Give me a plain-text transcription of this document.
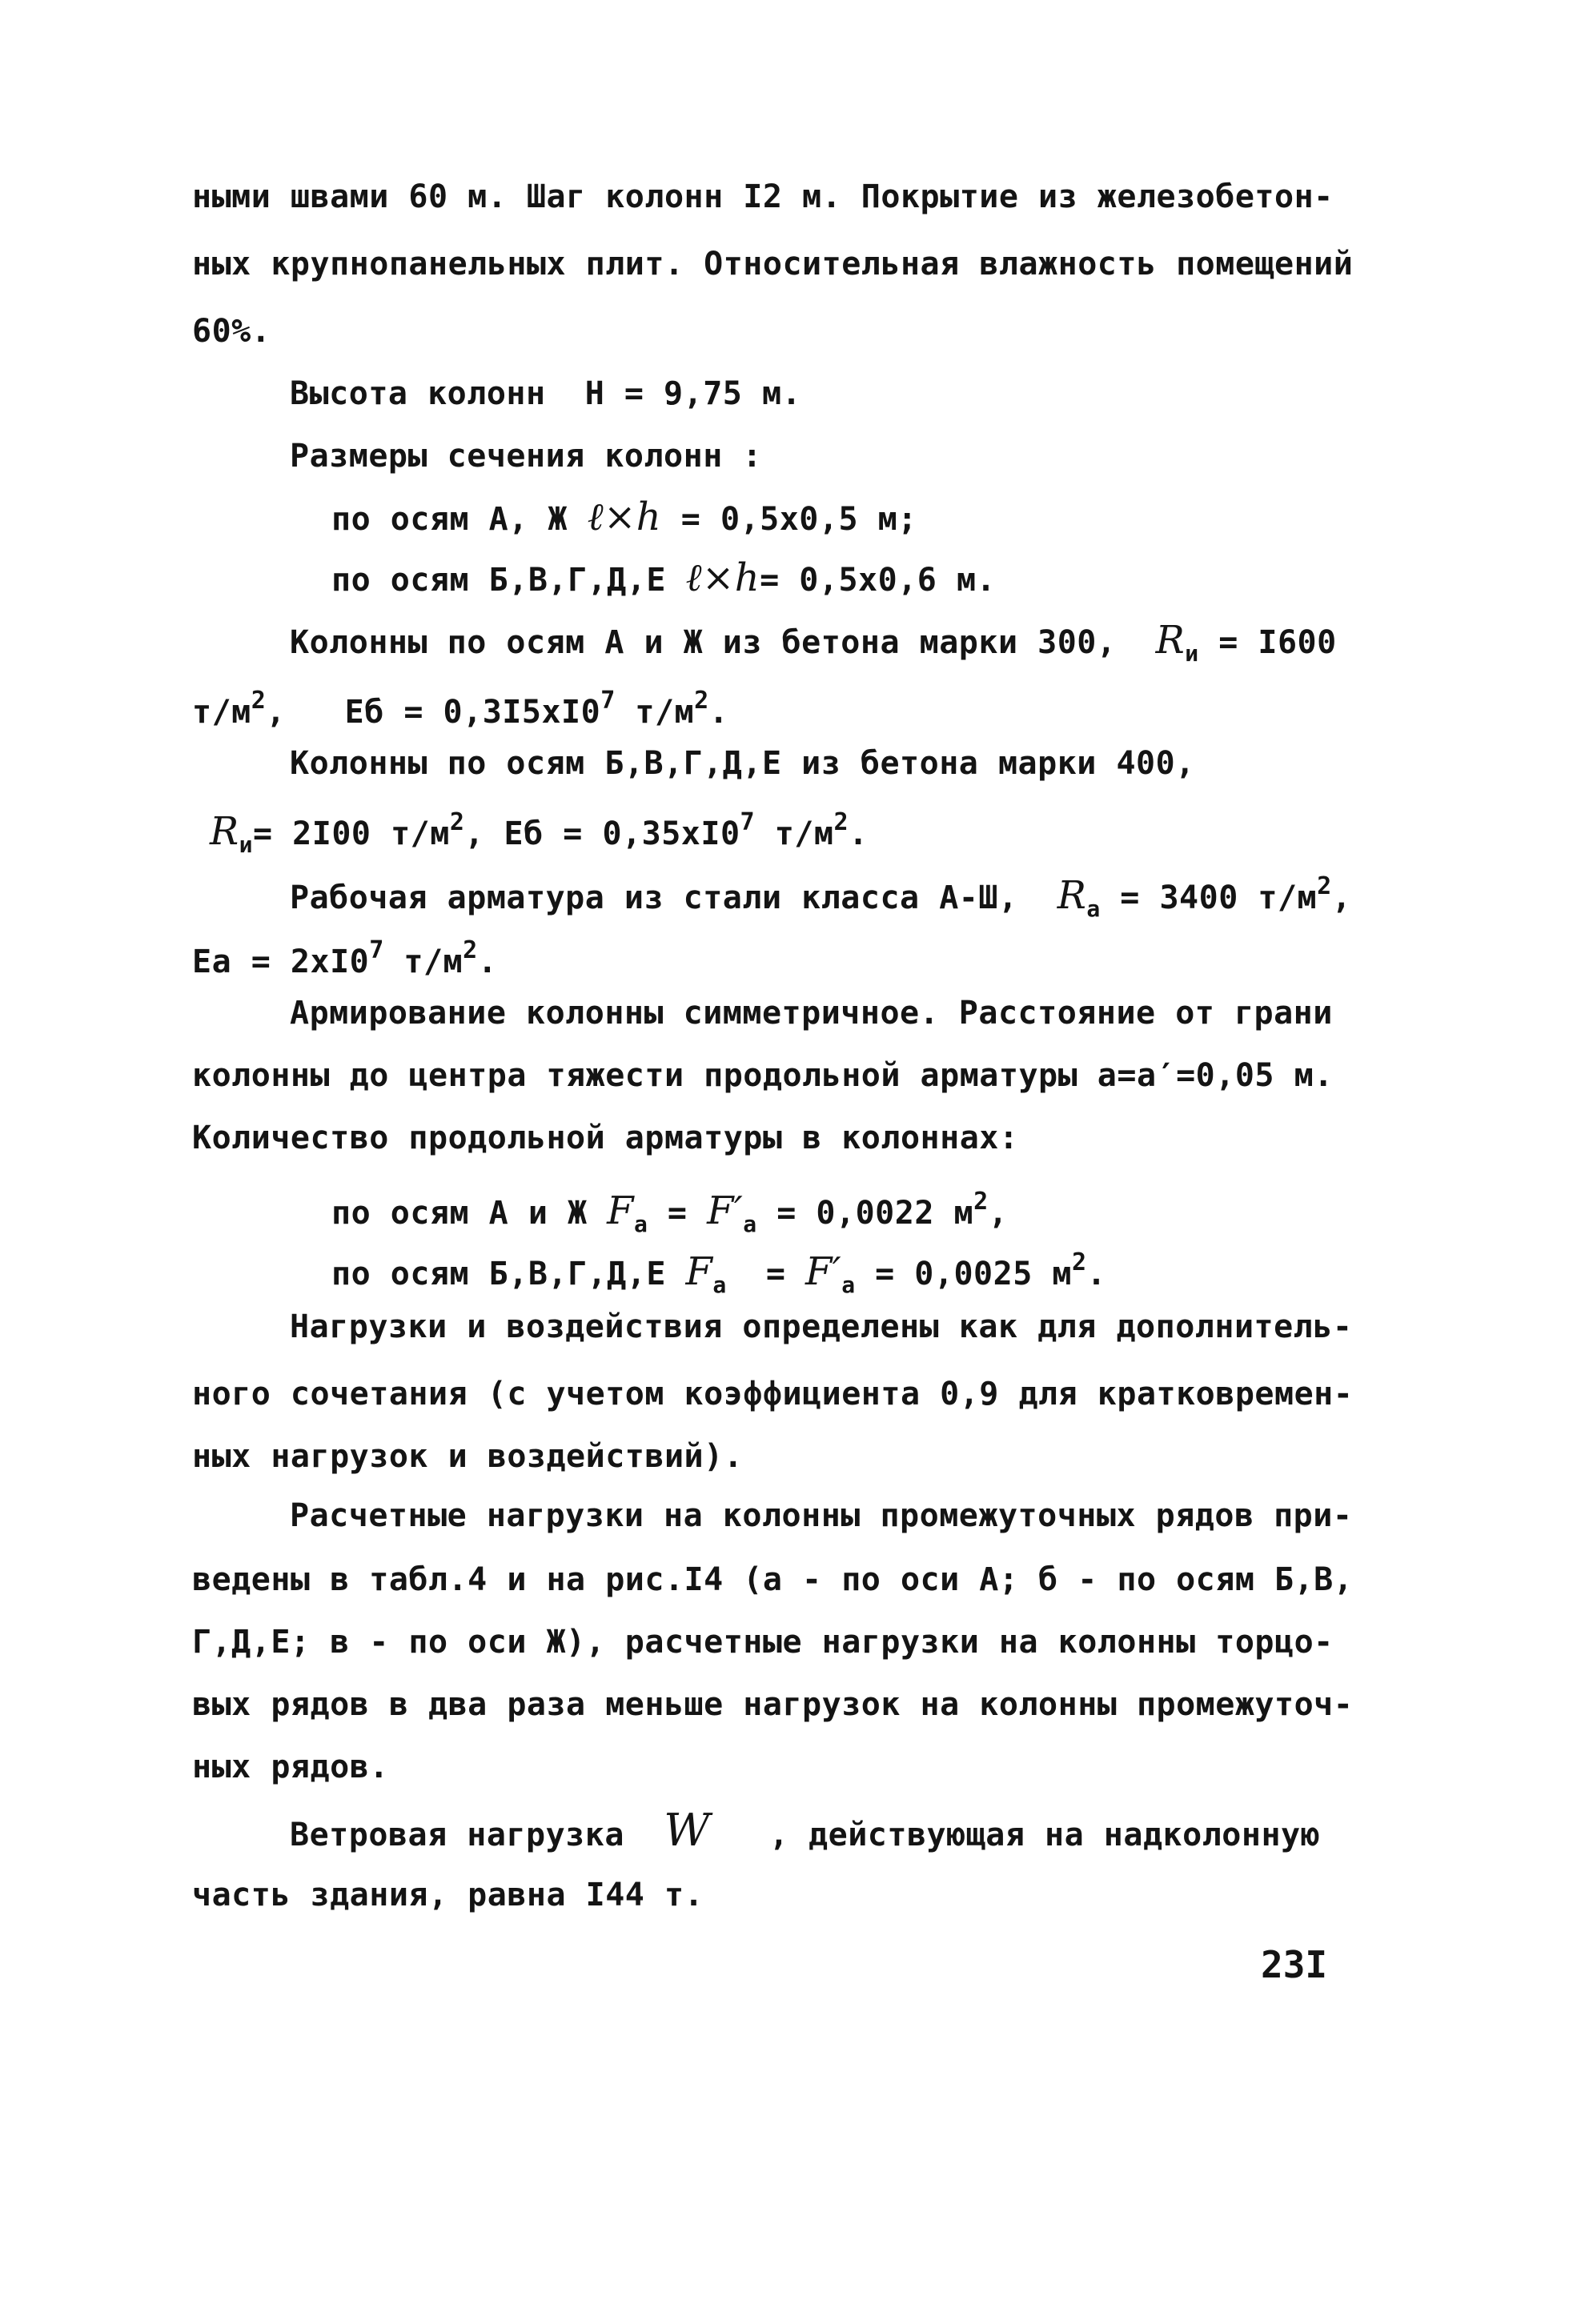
ными швами 60 м. Шаг колонн I2 м. Покрытие из железобетон-
ных крупнопанельных плит. Относительная влажность помещений
60%.
Высота колонн  Н = 9,75 м.
Размеры сечения колонн :
по осям А, Ж ℓ×h = 0,5х0,5 м;
по осям Б,В,Г,Д,Е ℓ×h= 0,5х0,6 м.
Колонны по осям А и Ж из бетона марки 300, $R_и = I600$
$т/м^2$,   Еб = $0,3I5хI0^7$ $т/м^2$.
Колонны по осям Б,В,Г,Д,Е из бетона марки 400,
$R_и= 2I00$ $т/м^2$, Еб = $0,35хI0^7$ $т/м^2$.
Рабочая арматура из стали класса А-Ш, $R_а = 3400$ $т/м^2$,
Еа = $2хI0^7$ $т/м^2$.
Армирование колонны симметричное. Расстояние от грани
колонны до центра тяжести продольной арматуры а=а′=0,05 м.
Количество продольной арматуры в колоннах:
по осям А и Ж $F_а = F'_а = 0,0022$ $м^2$,
по осям Б,В,Г,Д,Е $F_а = F'_а = 0,0025$ $м^2$.
Нагрузки и воздействия определены как для дополнитель-
ного сочетания (с учетом коэффициента 0,9 для кратковремен-
ных нагрузок и воздействий).
Расчетные нагрузки на колонны промежуточных рядов при-
ведены в табл.4 и на рис.I4 (а - по оси А; б - по осям Б,В,
Г,Д,Е; в - по оси Ж), расчетные нагрузки на колонны торцо-
вых рядов в два раза меньше нагрузок на колонны промежуточ-
ных рядов.
Ветровая нагрузка W , действующая на надколонную
часть здания, равна I44 т.
23I
